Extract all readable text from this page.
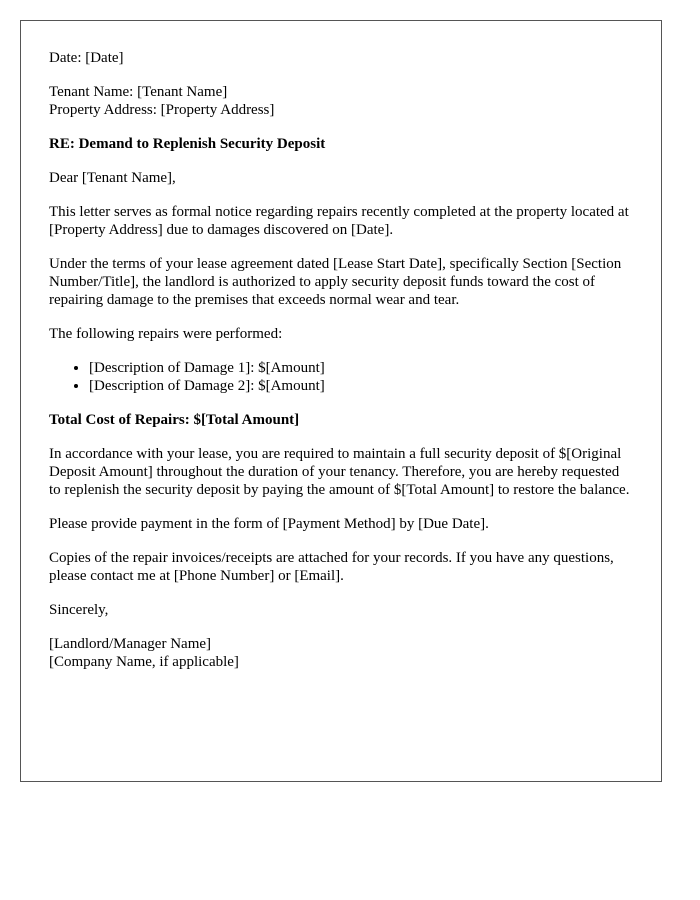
Date: [Date]

Tenant Name: [Tenant Name]
Property Address: [Property Address]

RE: Demand to Replenish Security Deposit

Dear [Tenant Name],

This letter serves as formal notice regarding repairs recently completed at the property located at [Property Address] due to damages discovered on [Date].

Under the terms of your lease agreement dated [Lease Start Date], specifically Section [Section Number/Title], the landlord is authorized to apply security deposit funds toward the cost of repairing damage to the premises that exceeds normal wear and tear.

The following repairs were performed:

• [Description of Damage 1]: $[Amount]
• [Description of Damage 2]: $[Amount]

Total Cost of Repairs: $[Total Amount]

In accordance with your lease, you are required to maintain a full security deposit of $[Original Deposit Amount] throughout the duration of your tenancy. Therefore, you are hereby requested to replenish the security deposit by paying the amount of $[Total Amount] to restore the balance.

Please provide payment in the form of [Payment Method] by [Due Date].

Copies of the repair invoices/receipts are attached for your records. If you have any questions, please contact me at [Phone Number] or [Email].

Sincerely,

[Landlord/Manager Name]
[Company Name, if applicable]
